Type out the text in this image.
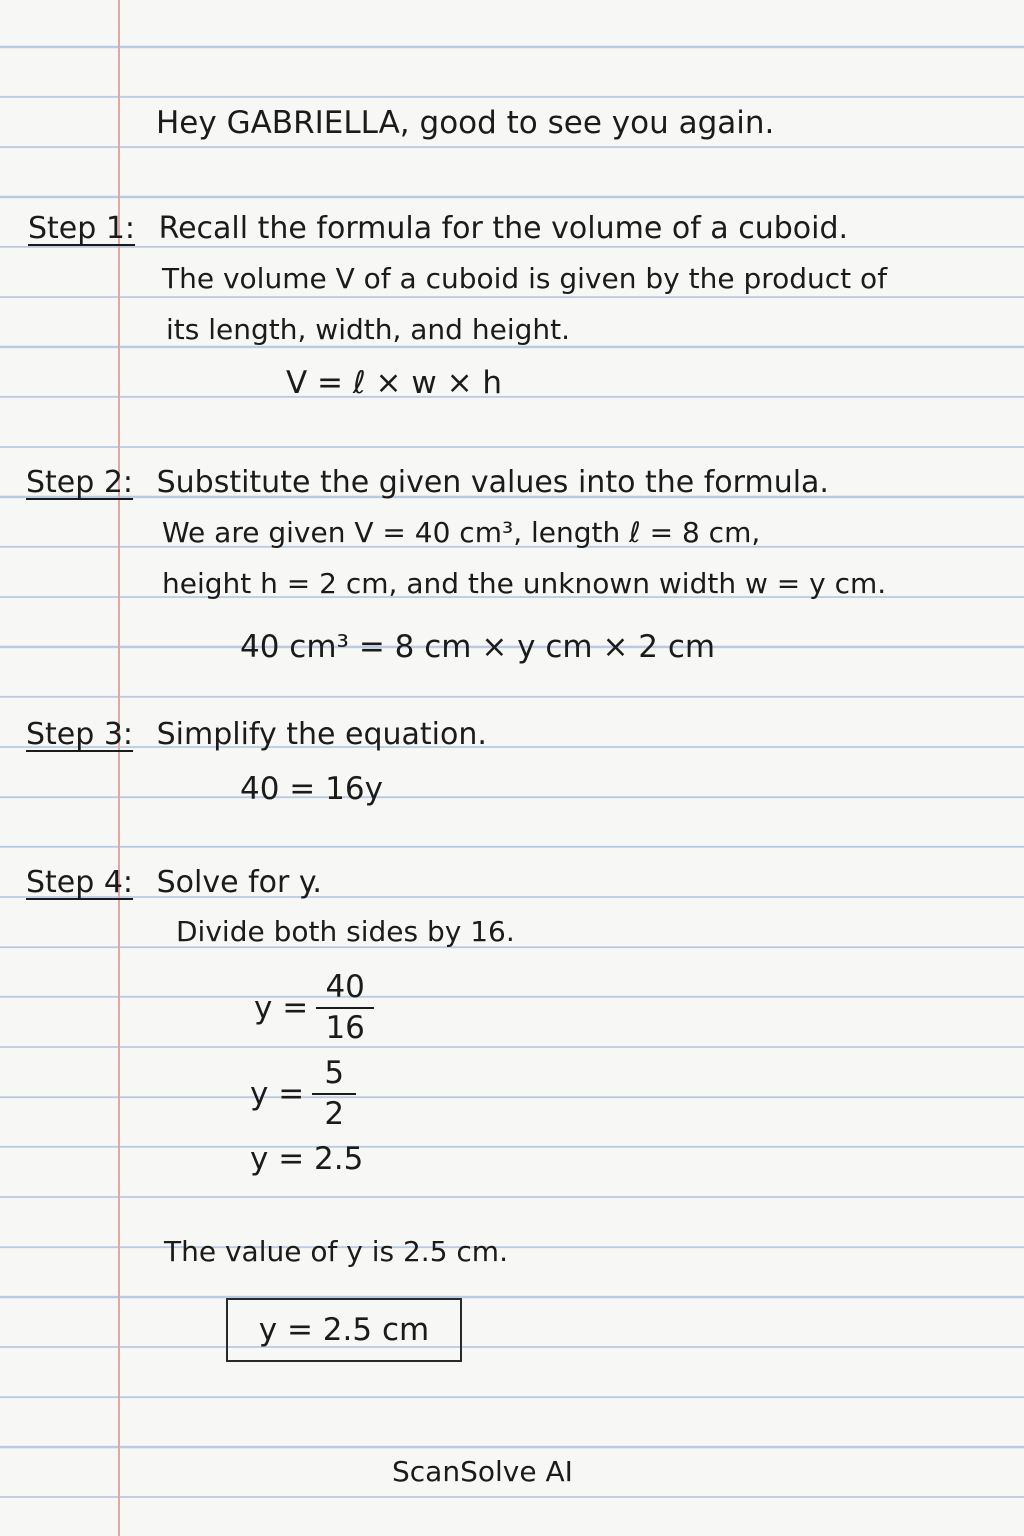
Hey GABRIELLA, good to see you again.
Step 1: Recall the formula for the volume of a cuboid.
The volume V of a cuboid is given by the product of
its length, width, and height.
V = ℓ × w × h
Step 2: Substitute the given values into the formula.
We are given V = 40 cm³, length ℓ = 8 cm,
height h = 2 cm, and the unknown width w = y cm.
40 cm³ = 8 cm × y cm × 2 cm
Step 3: Simplify the equation.
40 = 16y
Step 4: Solve for y.
Divide both sides by 16.
$y = \frac{40}{16}$
$y = \frac{5}{2}$
y = 2.5
The value of y is 2.5 cm.
y = 2.5 cm
ScanSolve AI
